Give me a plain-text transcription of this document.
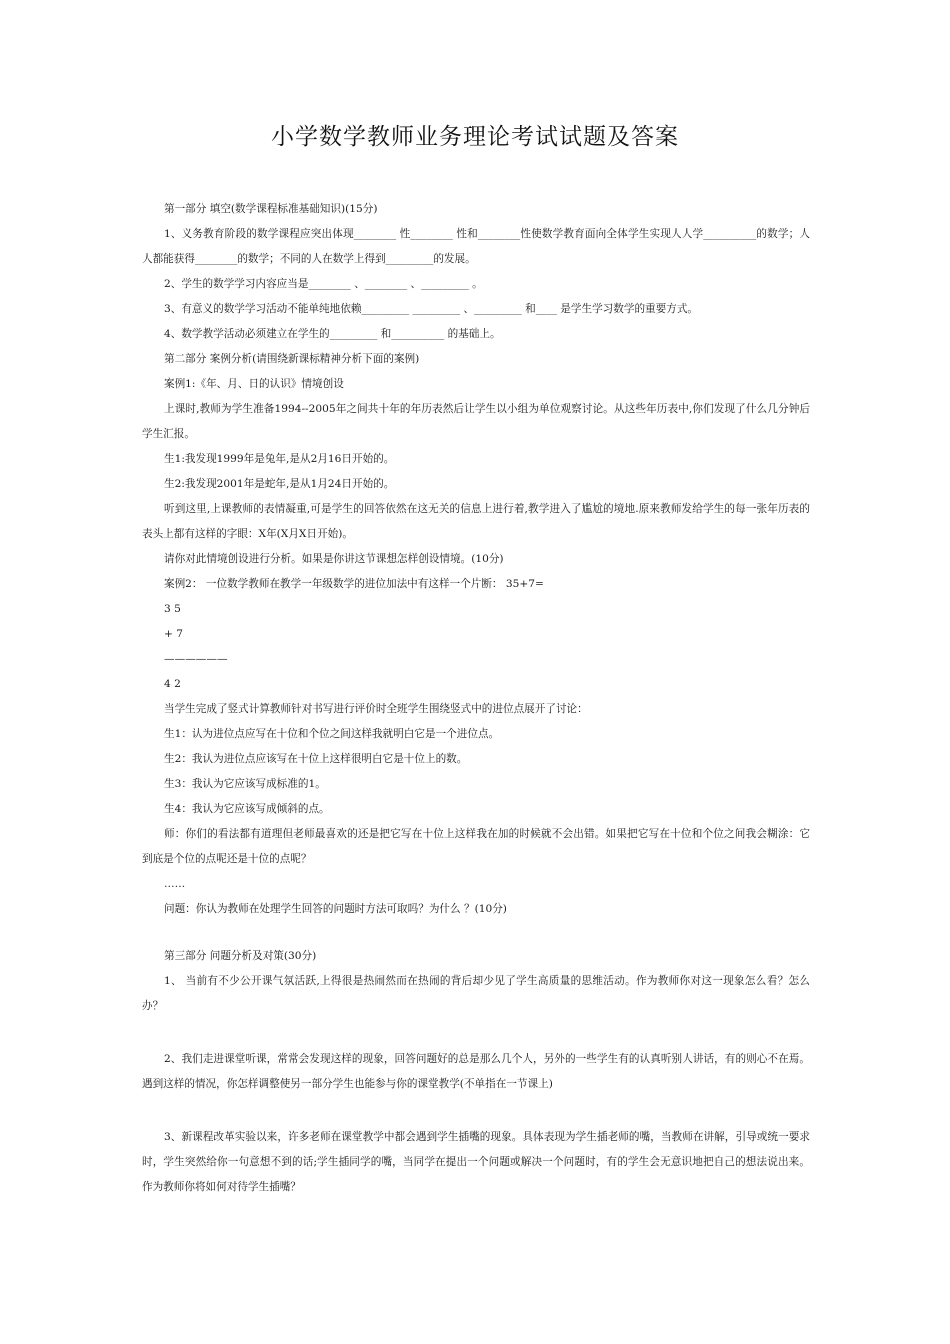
小学数学教师业务理论考试试题及答案

第一部分 填空(数学课程标准基础知识)(15分)

1、义务教育阶段的数学课程应突出体现________ 性________ 性和________性使数学教育面向全体学生实现人人学__________的数学；人人都能获得________的数学；不同的人在数学上得到_________的发展。

2、学生的数学学习内容应当是________ 、________ 、_________ 。

3、有意义的数学学习活动不能单纯地依赖_________ _________ 、_________ 和____ 是学生学习数学的重要方式。

4、数学教学活动必须建立在学生的_________ 和__________ 的基础上。

第二部分 案例分析(请围绕新课标精神分析下面的案例)

案例1:《年、月、日的认识》情境创设

上课时,教师为学生准备1994--2005年之间共十年的年历表然后让学生以小组为单位观察讨论。从这些年历表中,你们发现了什么几分钟后学生汇报。

生1:我发现1999年是兔年,是从2月16日开始的。

生2:我发现2001年是蛇年,是从1月24日开始的。

听到这里,上课教师的表情凝重,可是学生的回答依然在这无关的信息上进行着,教学进入了尴尬的境地.原来教师发给学生的每一张年历表的表头上都有这样的字眼：X年(X月X日开始)。

请你对此情境创设进行分析。如果是你讲这节课想怎样创设情境。(10分)

案例2： 一位数学教师在教学一年级数学的进位加法中有这样一个片断： 35+7=

3 5

+ 7

——————

4 2

当学生完成了竖式计算教师针对书写进行评价时全班学生围绕竖式中的进位点展开了讨论：

生1：认为进位点应写在十位和个位之间这样我就明白它是一个进位点。

生2：我认为进位点应该写在十位上这样很明白它是十位上的数。

生3：我认为它应该写成标准的1。

生4：我认为它应该写成倾斜的点。

师：你们的看法都有道理但老师最喜欢的还是把它写在十位上这样我在加的时候就不会出错。如果把它写在十位和个位之间我会糊涂：它到底是个位的点呢还是十位的点呢？

……

问题：你认为教师在处理学生回答的问题时方法可取吗？为什么 ？(10分)

第三部分 问题分析及对策(30分)

1、 当前有不少公开课气氛活跃,上得很是热闹然而在热闹的背后却少见了学生高质量的思维活动。作为教师你对这一现象怎么看？怎么办？

2、我们走进课堂听课，常常会发现这样的现象，回答问题好的总是那么几个人，另外的一些学生有的认真听别人讲话，有的则心不在焉。遇到这样的情况，你怎样调整使另一部分学生也能参与你的课堂教学(不单指在一节课上)

3、新课程改革实验以来，许多老师在课堂教学中都会遇到学生插嘴的现象。具体表现为学生插老师的嘴，当教师在讲解，引导或统一要求时，学生突然给你一句意想不到的话;学生插同学的嘴，当同学在提出一个问题或解决一个问题时，有的学生会无意识地把自己的想法说出来。作为教师你将如何对待学生插嘴？
